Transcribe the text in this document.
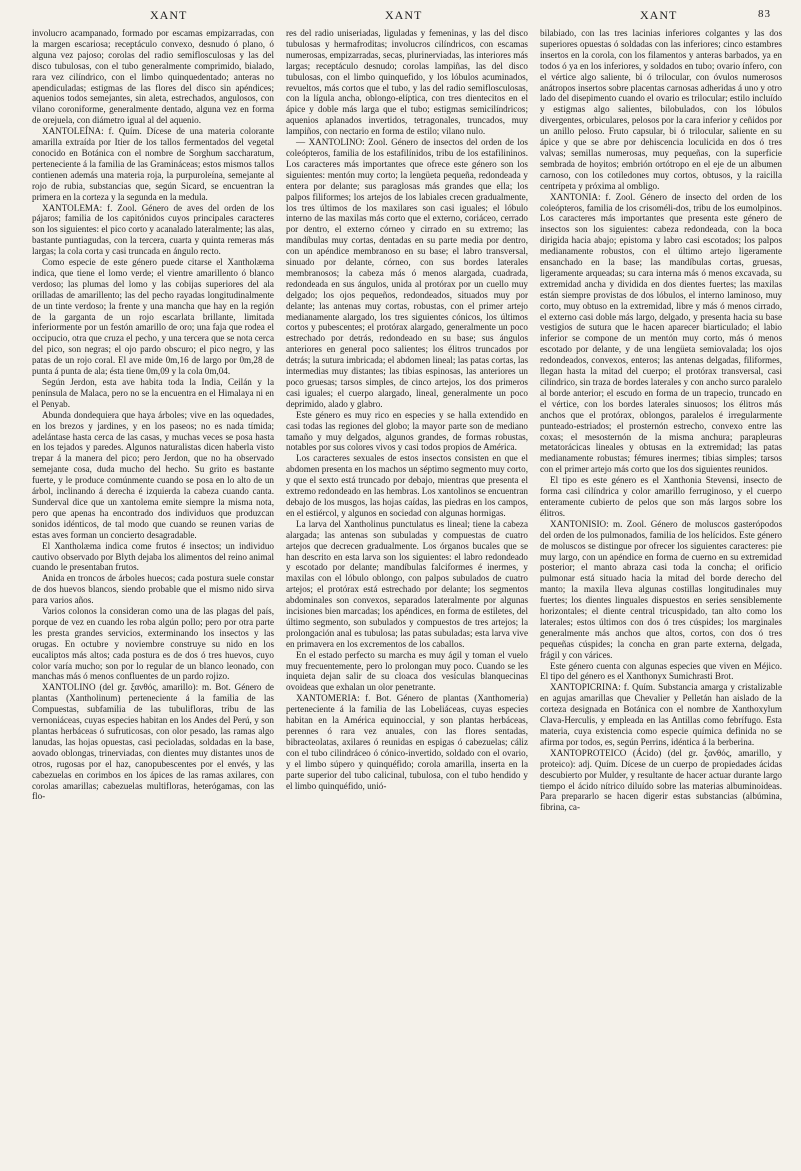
XANT	XANT	XANT	83

involucro acampanado, formado por escamas empizarradas, con la margen escariosa; receptáculo convexo, desnudo ó plano, ó alguna vez pajoso; corolas del radio semiflosculosas y las del disco tubulosas, con el tubo generalmente comprimido, bialado, rara vez cilíndrico, con el limbo quinquedentado; anteras no apendiculadas; estigmas de las flores del disco sin apéndices; aquenios todos semejantes, sin aleta, estrechados, angulosos, con vilano coroniforme, generalmente dentado, alguna vez en forma de orejuela, con diámetro igual al del aquenio.

XANTOLEÍNA: f. Quím. Dícese de una materia colorante amarilla extraída por Itier de los tallos fermentados del vegetal conocido en Botánica con el nombre de Sorghum saccharatum, perteneciente á la familia de las Gramináceas; estos mismos tallos contienen además una materia roja, la purpuroleína, semejante al rojo de rubia, substancias que, según Sicard, se encuentran la primera en la corteza y la segunda en la medula.

XANTOLEMA: f. Zool. Género de aves del orden de los pájaros; familia de los capitónidos cuyos principales caracteres son los siguientes: el pico corto y acanalado lateralmente; las alas, bastante puntiagudas, con la tercera, cuarta y quinta remeras más largas; la cola corta y casi truncada en ángulo recto.

Como especie de este género puede citarse el Xantholæma indica, que tiene el lomo verde; el vientre amarillento ó blanco verdoso; las plumas del lomo y las cobijas superiores del ala orilladas de amarillento; las del pecho rayadas longitudinalmente de un tinte verdoso; la frente y una mancha que hay en la región de la garganta de un rojo escarlata brillante, limitada inferiormente por un festón amarillo de oro; una faja que rodea el occipucio, otra que cruza el pecho, y una tercera que se nota cerca del pico, son negras; el ojo pardo obscuro; el pico negro, y las patas de un rojo coral. El ave mide 0m,16 de largo por 0m,28 de punta á punta de ala; ésta tiene 0m,09 y la cola 0m,04.

Según Jerdon, esta ave habita toda la India, Ceilán y la península de Malaca, pero no se la encuentra en el Himalaya ni en el Penyab.

Abunda dondequiera que haya árboles; vive en las oquedades, en los brezos y jardines, y en los paseos; no es nada tímida; adelántase hasta cerca de las casas, y muchas veces se posa hasta en los tejados y paredes. Algunos naturalistas dicen haberla visto trepar á la manera del pico; pero Jerdon, que no ha observado semejante cosa, duda mucho del hecho. Su grito es bastante fuerte, y le produce comúnmente cuando se posa en lo alto de un árbol, inclinando á derecha é izquierda la cabeza cuando canta. Sunderval dice que un xantolema emite siempre la misma nota, pero que apenas ha encontrado dos individuos que produzcan sonidos idénticos, de tal modo que cuando se reunen varias de estas aves forman un concierto desagradable.

El Xantholæma indica come frutos é insectos; un individuo cautivo observado por Blyth dejaba los alimentos del reino animal cuando le presentaban frutos.

Anida en troncos de árboles huecos; cada postura suele constar de dos huevos blancos, siendo probable que el mismo nido sirva para varios años.

Varios colonos la consideran como una de las plagas del país, porque de vez en cuando les roba algún pollo; pero por otra parte les presta grandes servicios, exterminando los insectos y las orugas. En octubre y noviembre construye su nido en los eucaliptos más altos; cada postura es de dos ó tres huevos, cuyo color varía mucho; son por lo regular de un blanco leonado, con manchas más ó menos confluentes de un pardo rojizo.

XANTOLINO (del gr. ξανθός, amarillo): m. Bot. Género de plantas (Xantholinum) perteneciente á la familia de las Compuestas, subfamilia de las tubulifloras, tribu de las vernoniáceas, cuyas especies habitan en los Andes del Perú, y son plantas herbáceas ó sufruticosas, con olor pesado, las ramas algo lanudas, las hojas opuestas, casi pecioladas, soldadas en la base, aovado oblongas, trinerviadas, con dientes muy distantes unos de otros, rugosas por el haz, canopubescentes por el envés, y las cabezuelas en corimbos en los ápices de las ramas axilares, con corolas amarillas; cabezuelas multifloras, heterógamas, con las flo-

res del radio uniseriadas, liguladas y femeninas, y las del disco tubulosas y hermafroditas; involucros cilíndricos, con escamas numerosas, empizarradas, secas, plurinerviadas, las interiores más largas; receptáculo desnudo; corolas lampiñas, las del disco tubulosas, con el limbo quinquefido, y los lóbulos acuminados, revueltos, más cortos que el tubo, y las del radio semiflosculosas, con la lígula ancha, oblongo-elíptica, con tres dientecitos en el ápice y doble más larga que el tubo; estigmas semicilíndricos; aquenios aplanados invertidos, tetragonales, truncados, muy lampiños, con nectario en forma de estilo; vilano nulo.

— XANTOLINO: Zool. Género de insectos del orden de los coleópteros, familia de los estafilínidos, tribu de los estafilininos. Los caracteres más importantes que ofrece este género son los siguientes: mentón muy corto; la lengüeta pequeña, redondeada y entera por delante; sus paraglosas más grandes que ella; los palpos filiformes; los artejos de los labiales crecen gradualmente, los tres últimos de los maxilares son casi iguales; el lóbulo interno de las maxilas más corto que el externo, coriáceo, cerrado por dentro, el externo córneo y cirrado en su extremo; las mandíbulas muy cortas, dentadas en su parte media por dentro, con un apéndice membranoso en su base; el labro transversal, sinuado por delante, córneo, con sus bordes laterales membranosos; la cabeza más ó menos alargada, cuadrada, redondeada en sus ángulos, unida al protórax por un cuello muy delgado; los ojos pequeños, redondeados, situados muy por delante; las antenas muy cortas, robustas, con el primer artejo medianamente alargado, los tres siguientes cónicos, los últimos cortos y pubescentes; el protórax alargado, generalmente un poco estrechado por detrás, redondeado en su base; sus ángulos anteriores en general poco salientes; los élitros truncados por detrás; la sutura imbricada; el abdomen lineal; las patas cortas, las intermedias muy distantes; las tibias espinosas, las anteriores un poco gruesas; tarsos simples, de cinco artejos, los dos primeros casi iguales; el cuerpo alargado, lineal, generalmente un poco deprimido, alado y glabro.

Este género es muy rico en especies y se halla extendido en casi todas las regiones del globo; la mayor parte son de mediano tamaño y muy delgados, algunos grandes, de formas robustas, notables por sus colores vivos y casi todos propios de América.

Los caracteres sexuales de estos insectos consisten en que el abdomen presenta en los machos un séptimo segmento muy corto, y que el sexto está truncado por debajo, mientras que presenta el extremo redondeado en las hembras. Los xantolinos se encuentran debajo de los musgos, las hojas caídas, las piedras en los campos, en el estiércol, y algunos en sociedad con algunas hormigas.

La larva del Xantholinus punctulatus es lineal; tiene la cabeza alargada; las antenas son subuladas y compuestas de cuatro artejos que decrecen gradualmente. Los órganos bucales que se han descrito en esta larva son los siguientes: el labro redondeado y escotado por delante; mandíbulas falciformes é inermes, y maxilas con el lóbulo oblongo, con palpos subulados de cuatro artejos; el protórax está estrechado por delante; los segmentos abdominales son convexos, separados lateralmente por algunas incisiones bien marcadas; los apéndices, en forma de estiletes, del último segmento, son subulados y compuestos de tres artejos; la prolongación anal es tubulosa; las patas subuladas; esta larva vive en primavera en los excrementos de los caballos.

En el estado perfecto su marcha es muy ágil y toman el vuelo muy frecuentemente, pero lo prolongan muy poco. Cuando se les inquieta dejan salir de su cloaca dos vesículas blanquecinas ovoideas que exhalan un olor penetrante.

XANTOMERIA: f. Bot. Género de plantas (Xanthomeria) perteneciente á la familia de las Lobeliáceas, cuyas especies habitan en la América equinoccial, y son plantas herbáceas, perennes ó rara vez anuales, con las flores sentadas, bibracteolatas, axilares ó reunidas en espigas ó cabezuelas; cáliz con el tubo cilindráceo ó cónico-invertido, soldado con el ovario, y el limbo súpero y quinquéfido; corola amarilla, inserta en la parte superior del tubo calicinal, tubulosa, con el tubo hendido y el limbo quinquéfido, unió-

bilabiado, con las tres lacinias inferiores colgantes y las dos superiores opuestas ó soldadas con las inferiores; cinco estambres insertos en la corola, con los filamentos y anteras barbados, ya en todos ó ya en los inferiores, y soldados en tubo; ovario ínfero, con el vértice algo saliente, bi ó trilocular, con óvulos numerosos anátropos insertos sobre placentas carnosas adheridas á uno y otro lado del disepimento cuando el ovario es trilocular; estilo incluído y estigmas algo salientes, bilobulados, con los lóbulos divergentes, orbiculares, pelosos por la cara inferior y ceñidos por un anillo peloso. Fruto capsular, bi ó trilocular, saliente en su ápice y que se abre por dehiscencia loculicida en dos ó tres valvas; semillas numerosas, muy pequeñas, con la superficie sembrada de hoyitos; embrión ortótropo en el eje de un albumen carnoso, con los cotiledones muy cortos, obtusos, y la raicilla centrípeta y próxima al ombligo.

XANTONIA: f. Zool. Género de insecto del orden de los coleópteros, familia de los crisoméli-dos, tribu de los eumolpinos. Los caracteres más importantes que presenta este género de insectos son los siguientes: cabeza redondeada, con la boca dirigida hacia abajo; epistoma y labro casi escotados; los palpos medianamente robustos, con el último artejo ligeramente ensanchado en la base; las mandíbulas cortas, gruesas, ligeramente arqueadas; su cara interna más ó menos excavada, su extremidad ancha y dividida en dos dientes fuertes; las maxilas están siempre provistas de dos lóbulos, el interno laminoso, muy corto, muy obtuso en la extremidad, libre y más ó menos cirrado, el externo casi doble más largo, delgado, y presenta hacia su base vestigios de sutura que le hacen aparecer biarticulado; el labio inferior se compone de un mentón muy corto, más ó menos escotado por delante, y de una lengüeta semiovalada; los ojos redondeados, convexos, enteros; las antenas delgadas, filiformes, llegan hasta la mitad del cuerpo; el protórax transversal, casi cilíndrico, sin traza de bordes laterales y con ancho surco paralelo al borde anterior; el escudo en forma de un trapecio, truncado en el vértice, con los bordes laterales sinuosos; los élitros más anchos que el protórax, oblongos, paralelos é irregularmente punteado-estriados; el prosternón estrecho, convexo entre las coxas; el mesosternón de la misma anchura; parapleuras metatorácicas lineales y obtusas en la extremidad; las patas medianamente robustas; fémures inermes; tibias simples; tarsos con el primer artejo más corto que los dos siguientes reunidos.

El tipo es este género es el Xanthonia Stevensi, insecto de forma casi cilíndrica y color amarillo ferruginoso, y el cuerpo enteramente cubierto de pelos que son más largos sobre los élitros.

XANTONISIO: m. Zool. Género de moluscos gasterópodos del orden de los pulmonados, familia de los helícidos. Este género de moluscos se distingue por ofrecer los siguientes caracteres: pie muy largo, con un apéndice en forma de cuerno en su extremidad posterior; el manto abraza casi toda la concha; el orificio pulmonar está situado hacia la mitad del borde derecho del manto; la maxila lleva algunas costillas longitudinales muy fuertes; los dientes linguales dispuestos en series sensiblemente horizontales; el diente central tricuspidado, tan alto como los laterales; estos últimos con dos ó tres cúspides; los marginales generalmente más anchos que altos, cortos, con dos ó tres pequeñas cúspides; la concha en gran parte externa, delgada, frágil y con várices.

Este género cuenta con algunas especies que viven en Méjico. El tipo del género es el Xanthonyx Sumichrasti Brot.

XANTOPICRINA: f. Quím. Substancia amarga y cristalizable en agujas amarillas que Chevalier y Pelletán han aislado de la corteza designada en Botánica con el nombre de Xanthoxylum Clava-Herculis, y empleada en las Antillas como febrífugo. Esta materia, cuya existencia como especie química definida no se afirma por todos, es, según Perrins, idéntica á la berberina.

XANTOPROTEICO (Ácido) (del gr. ξανθός, amarillo, y proteico): adj. Quím. Dícese de un cuerpo de propiedades ácidas descubierto por Mulder, y resultante de hacer actuar durante largo tiempo el ácido nítrico diluído sobre las materias albuminoideas. Para prepararlo se hacen digerir estas substancias (albúmina, fibrina, ca-
